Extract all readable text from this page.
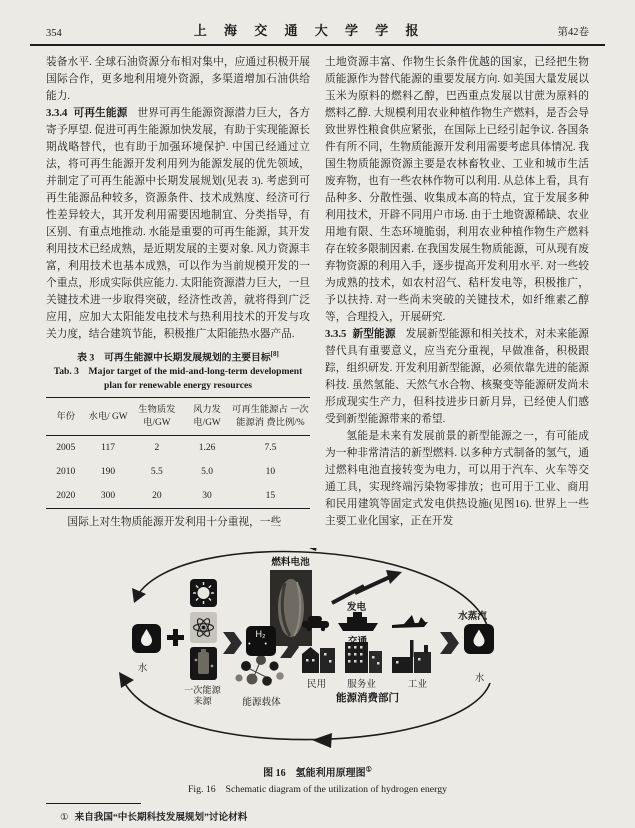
354	上 海 交 通 大 学 学 报	第42卷

装备水平. 全球石油资源分布相对集中，应通过积极开展国际合作，更多地利用境外资源，多渠道增加石油供给能力.

3.3.4 可再生能源 世界可再生能源资源潜力巨大，各方寄予厚望. 促进可再生能源加快发展，有助于实现能源长期战略替代，也有助于加强环境保护. 中国已经通过立法，将可再生能源开发利用列为能源发展的优先领域，并制定了可再生能源中长期发展规划(见表 3). 考虑到可再生能源品种较多，资源条件、技术成熟度、经济可行性差异较大，其开发利用需要因地制宜、分类指导，有区别、有重点地推动. 水能是重要的可再生能源，其开发利用技术已经成熟，是近期发展的主要对象. 风力资源丰富，利用技术也基本成熟，可以作为当前规模开发的一个重点，形成实际供应能力. 太阳能资源潜力巨大，一旦关键技术进一步取得突破，经济性改善，就将得到广泛应用，应加大太阳能发电技术与热利用技术的开发与攻关力度，结合建筑节能，积极推广太阳能热水器产品.

表 3　可再生能源中长期发展规划的主要目标[8]

Tab. 3　Major target of the mid-and-long-term development

plan for renewable energy resources

年份	水电/ GW	生物质发 电/GW	风力发 电/GW	可再生能源占 一次能源消 费比例/%
2005	117	2	1.26	7.5
2010	190	5.5	5.0	10
2020	300	20	30	15

国际上对生物质能源开发利用十分重视，一些

土地资源丰富、作物生长条件优越的国家，已经把生物质能源作为替代能源的重要发展方向. 如美国大量发展以玉米为原料的燃料乙醇，巴西重点发展以甘蔗为原料的燃料乙醇. 大规模利用农业种植作物生产燃料，是否会导致世界性粮食供应紧张，在国际上已经引起争议. 各国条件有所不同，生物质能源开发利用需要考虑具体情况. 我国生物质能源资源主要是农林畜牧业、工业和城市生活废弃物，也有一些农林作物可以利用. 从总体上看，具有品种多、分散性强、收集成本高的特点，宜于发展多种利用技术，开辟不同用户市场. 由于土地资源稀缺、农业用地有限、生态环境脆弱，利用农业种植作物生产燃料存在较多限制因素. 在我国发展生物质能源，可从现有废弃物资源的利用入手，逐步提高开发利用水平. 对一些较为成熟的技术，如农村沼气、秸杆发电等，积极推广，予以扶持. 对一些尚未突破的关键技术，如纤维素乙醇等，合理投入，开展研究.

3.3.5 新型能源 发展新型能源和相关技术，对未来能源替代具有重要意义，应当充分重视，早做准备，积极跟踪，组织研发. 开发利用新型能源，必须依靠先进的能源科技. 虽然氢能、天然气水合物、核聚变等能源研发尚未形成现实生产力，但科技进步日新月异，已经使人们感受到新型能源带来的希望.

氢能是未来有发展前景的新型能源之一，有可能成为一种非常清洁的新型燃料. 以多种方式制备的氢气，通过燃料电池直接转变为电力，可以用于汽车、火车等交通工具，实现终端污染物零排放；也可用于工业、商用和民用建筑等固定式发电供热设施(见图16). 世界上一些主要工业化国家，正在开发

H₂
• •
燃料电池
发电
水蒸汽
交通
民用 服务业	工业
水
水
一次能源
来源	能源载体	能源消费部门

图 16　氢能利用原理图①

Fig. 16　Schematic diagram of the utilization of hydrogen energy

① 来自我国“中长期科技发展规划”讨论材料
